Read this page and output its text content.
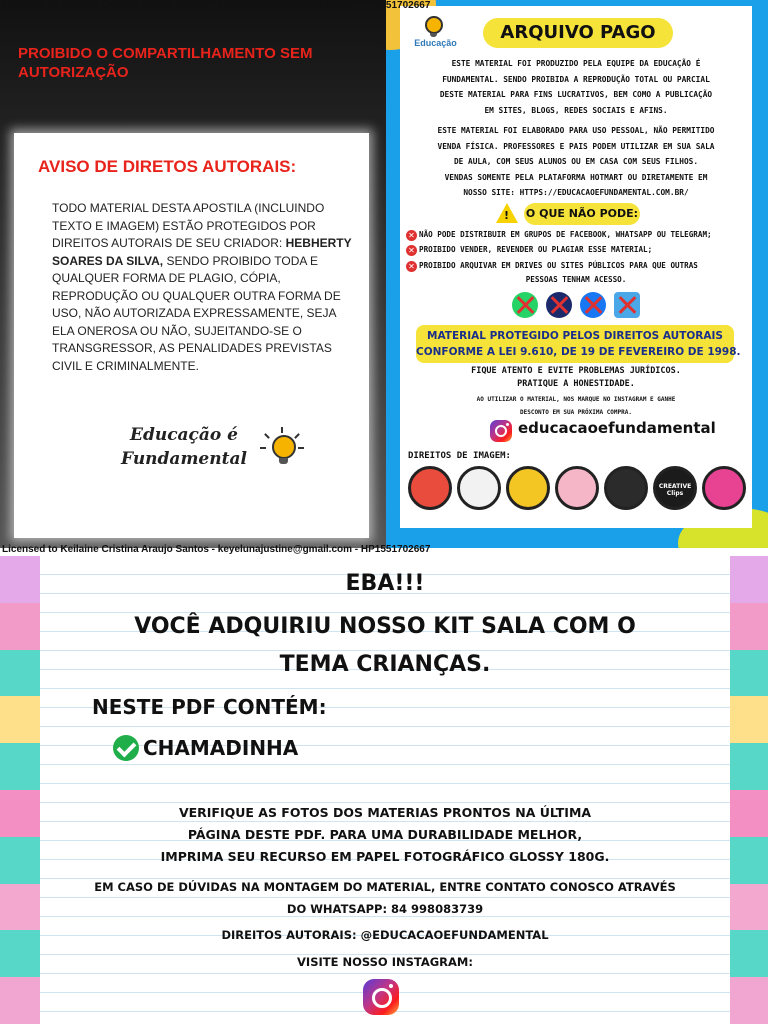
Licensed to Keilaine Cristina Araujo Santos - keyelunajustine@gmail.com - HP1551702667
Licensed to Keilaine Cristina Araujo Santos - keyelunajustine@gmail.com - HP1551702667
PROIBIDO O COMPARTILHAMENTO SEM AUTORIZAÇÃO
AVISO DE DIRETOS AUTORAIS:
TODO MATERIAL DESTA APOSTILA (INCLUINDO TEXTO E IMAGEM) ESTÃO PROTEGIDOS POR DIREITOS AUTORAIS DE SEU CRIADOR: HEBHERTY SOARES DA SILVA, SENDO PROIBIDO TODA E QUALQUER FORMA DE PLAGIO, CÓPIA, REPRODUÇÃO OU QUALQUER OUTRA FORMA DE USO, NÃO AUTORIZADA EXPRESSAMENTE, SEJA ELA ONEROSA OU NÃO, SUJEITANDO-SE O TRANSGRESSOR, AS PENALIDADES PREVISTAS CIVIL E CRIMINALMENTE.
Educação é
Fundamental
Educação	ARQUIVO PAGO
ESTE MATERIAL FOI PRODUZIDO PELA EQUIPE DA EDUCAÇÃO É
FUNDAMENTAL. SENDO PROIBIDA A REPRODUÇÃO TOTAL OU PARCIAL
DESTE MATERIAL PARA FINS LUCRATIVOS, BEM COMO A PUBLICAÇÃO
EM SITES, BLOGS, REDES SOCIAIS E AFINS.
ESTE MATERIAL FOI ELABORADO PARA USO PESSOAL, NÃO PERMITIDO
VENDA FÍSICA. PROFESSORES E PAIS PODEM UTILIZAR EM SUA SALA
DE AULA, COM SEUS ALUNOS OU EM CASA COM SEUS FILHOS.
VENDAS SOMENTE PELA PLATAFORMA HOTMART OU DIRETAMENTE EM
NOSSO SITE: HTTPS://EDUCACAOEFUNDAMENTAL.COM.BR/
! O QUE NÃO PODE:
✕ NÃO PODE DISTRIBUIR EM GRUPOS DE FACEBOOK, WHATSAPP OU TELEGRAM;
✕ PROIBIDO VENDER, REVENDER OU PLAGIAR ESSE MATERIAL;
✕ PROIBIDO ARQUIVAR EM DRIVES OU SITES PÚBLICOS PARA QUE OUTRAS
PESSOAS TENHAM ACESSO.
MATERIAL PROTEGIDO PELOS DIREITOS AUTORAIS
CONFORME A LEI 9.610, DE 19 DE FEVEREIRO DE 1998.
FIQUE ATENTO E EVITE PROBLEMAS JURÍDICOS.
PRATIQUE A HONESTIDADE.
AO UTILIZAR O MATERIAL, NOS MARQUE NO INSTAGRAM E GANHE
DESCONTO EM SUA PRÓXIMA COMPRA.
educacaoefundamental
DIREITOS DE IMAGEM:
CREATIVE Clips
EBA!!!
VOCÊ ADQUIRIU NOSSO KIT SALA COM O
TEMA CRIANÇAS.
NESTE PDF CONTÉM:
CHAMADINHA
VERIFIQUE AS FOTOS DOS MATERIAS PRONTOS NA ÚLTIMA
PÁGINA DESTE PDF. PARA UMA DURABILIDADE MELHOR,
IMPRIMA SEU RECURSO EM PAPEL FOTOGRÁFICO GLOSSY 180G.
EM CASO DE DÚVIDAS NA MONTAGEM DO MATERIAL, ENTRE CONTATO CONOSCO ATRAVÉS
DO WHATSAPP: 84 998083739
DIREITOS AUTORAIS: @EDUCACAOEFUNDAMENTAL
VISITE NOSSO INSTAGRAM:
